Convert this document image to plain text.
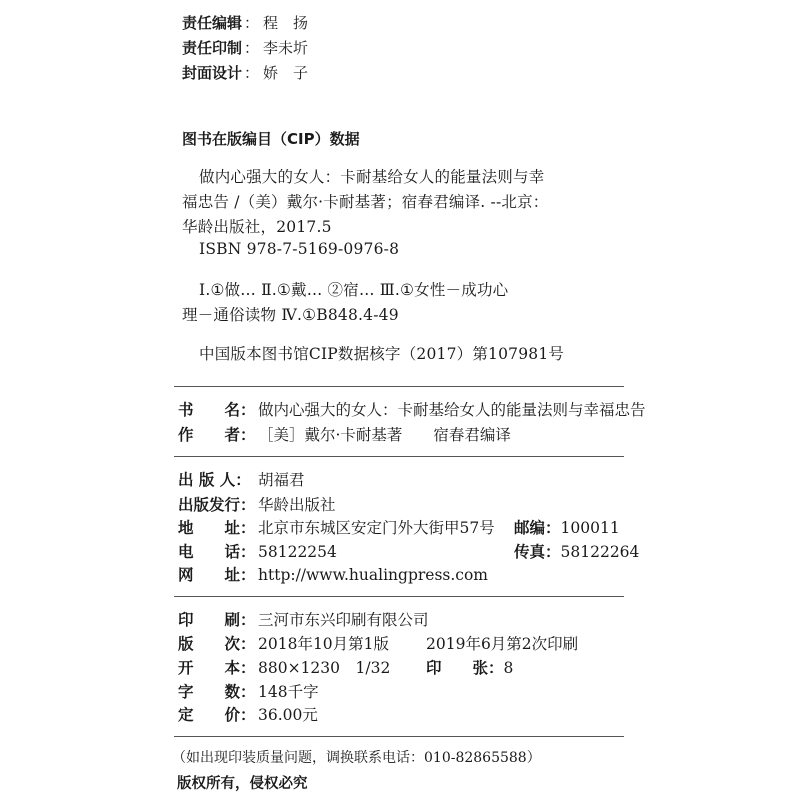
责任编辑 ： 程　扬
责任印制 ： 李未圻
封面设计 ： 娇　子
图书在版编目（CIP）数据
做内心强大的女人：卡耐基给女人的能量法则与幸
福忠告 /（美）戴尔·卡耐基著；宿春君编译. --北京：
华龄出版社，2017.5
ISBN 978-7-5169-0976-8
Ⅰ.①做… Ⅱ.①戴… ②宿… Ⅲ.①女性－成功心
理－通俗读物 Ⅳ.①B848.4-49
中国版本图书馆CIP数据核字（2017）第107981号
书　　名： 做内心强大的女人：卡耐基给女人的能量法则与幸福忠告
作　　者： ［美］戴尔·卡耐基著　　宿春君编译
出 版 人： 胡福君
出版发行： 华龄出版社
地　　址： 北京市东城区安定门外大街甲57号 邮编：100011
电　　话： 58122254	传真：58122264
网　　址： http://www.hualingpress.com
印　　刷： 三河市东兴印刷有限公司
版　　次： 2018年10月第1版 2019年6月第2次印刷
开　　本： 880×1230　1/32 印　　张：8
字　　数： 148千字
定　　价： 36.00元
（如出现印装质量问题，调换联系电话：010-82865588）
版权所有，侵权必究
